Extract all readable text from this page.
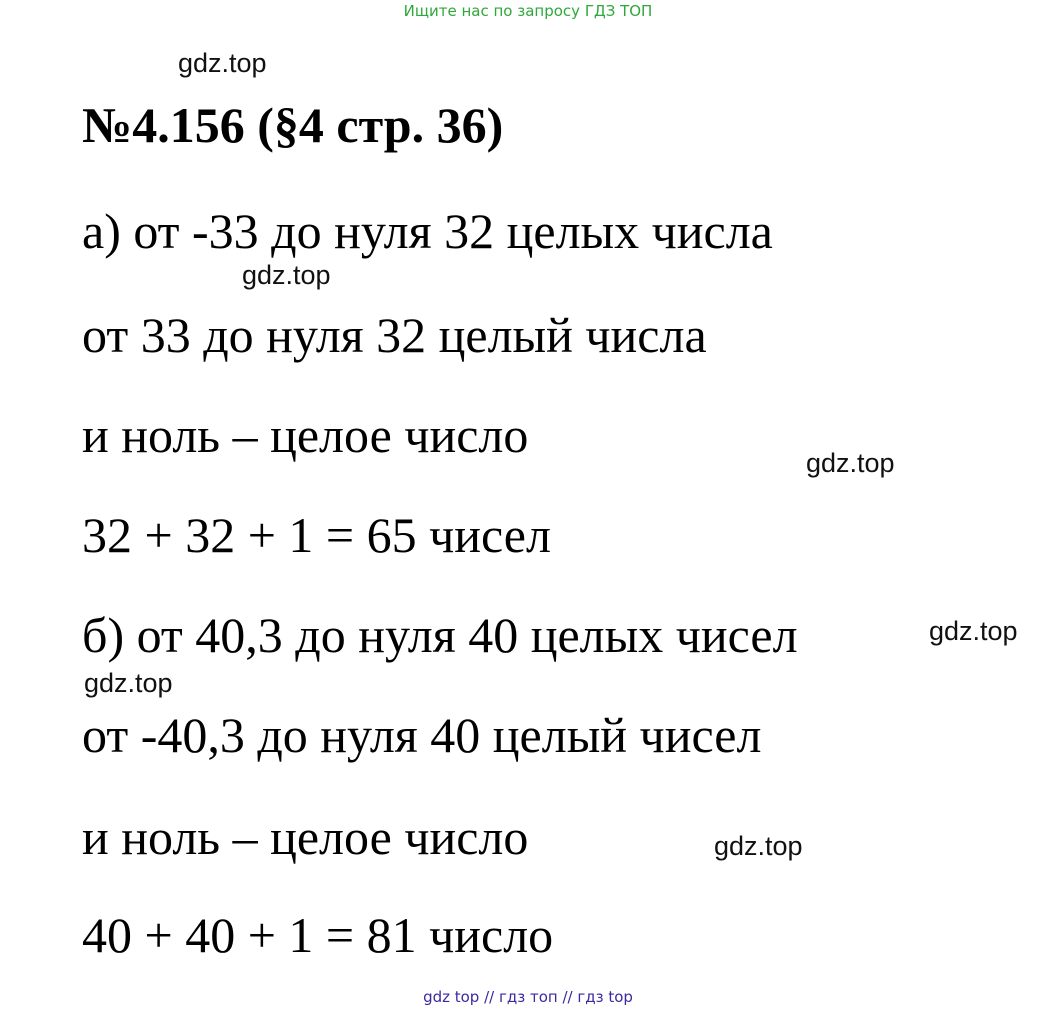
Ищите нас по запросу ГДЗ ТОП
gdz.top
№4.156 (§4 стр. 36)
а) от -33 до нуля 32 целых числа
gdz.top
от 33 до нуля 32 целый числа
и ноль – целое число	gdz.top
32 + 32 + 1 = 65 чисел
б) от 40,3 до нуля 40 целых чисел	gdz.top
gdz.top
от -40,3 до нуля 40 целый чисел
и ноль – целое число	gdz.top
40 + 40 + 1 = 81 число
gdz top // гдз топ // гдз top
